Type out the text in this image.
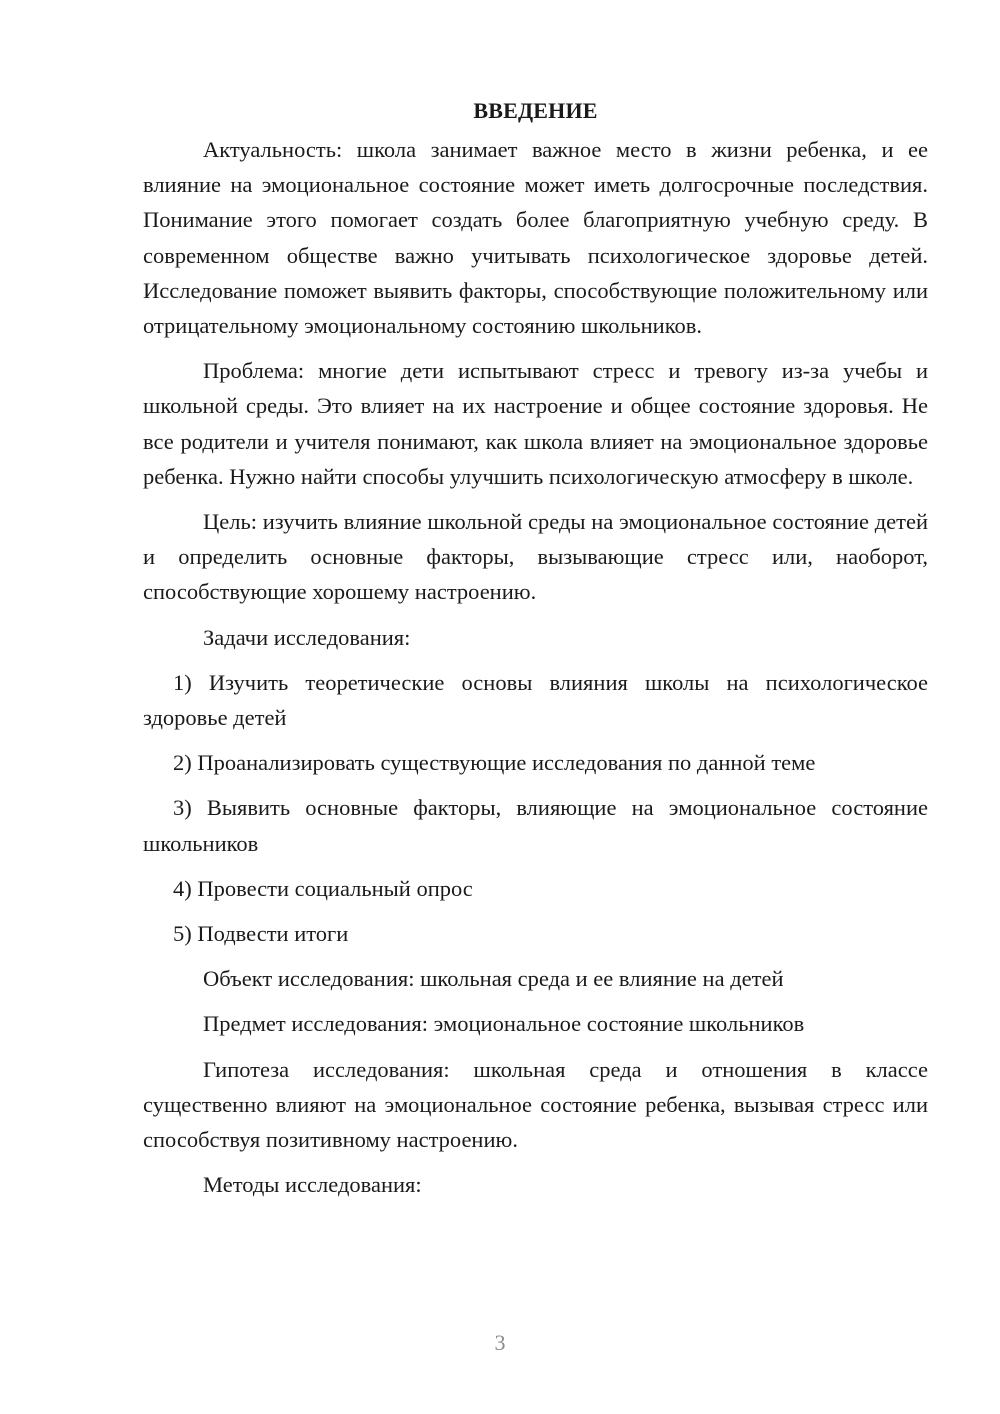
ВВЕДЕНИЕ

Актуальность: школа занимает важное место в жизни ребенка, и ее влияние на эмоциональное состояние может иметь долгосрочные последствия. Понимание этого помогает создать более благоприятную учебную среду. В современном обществе важно учитывать психологическое здоровье детей. Исследование поможет выявить факторы, способствующие положительному или отрицательному эмоциональному состоянию школьников.

Проблема: многие дети испытывают стресс и тревогу из-за учебы и школьной среды. Это влияет на их настроение и общее состояние здоровья. Не все родители и учителя понимают, как школа влияет на эмоциональное здоровье ребенка. Нужно найти способы улучшить психологическую атмосферу в школе.

Цель: изучить влияние школьной среды на эмоциональное состояние детей и определить основные факторы, вызывающие стресс или, наоборот, способствующие хорошему настроению.

Задачи исследования:

1) Изучить теоретические основы влияния школы на психологическое здоровье детей

2) Проанализировать существующие исследования по данной теме

3) Выявить основные факторы, влияющие на эмоциональное состояние школьников

4) Провести социальный опрос

5) Подвести итоги

Объект исследования: школьная среда и ее влияние на детей

Предмет исследования: эмоциональное состояние школьников

Гипотеза исследования: школьная среда и отношения в классе существенно влияют на эмоциональное состояние ребенка, вызывая стресс или способствуя позитивному настроению.

Методы исследования:

3
